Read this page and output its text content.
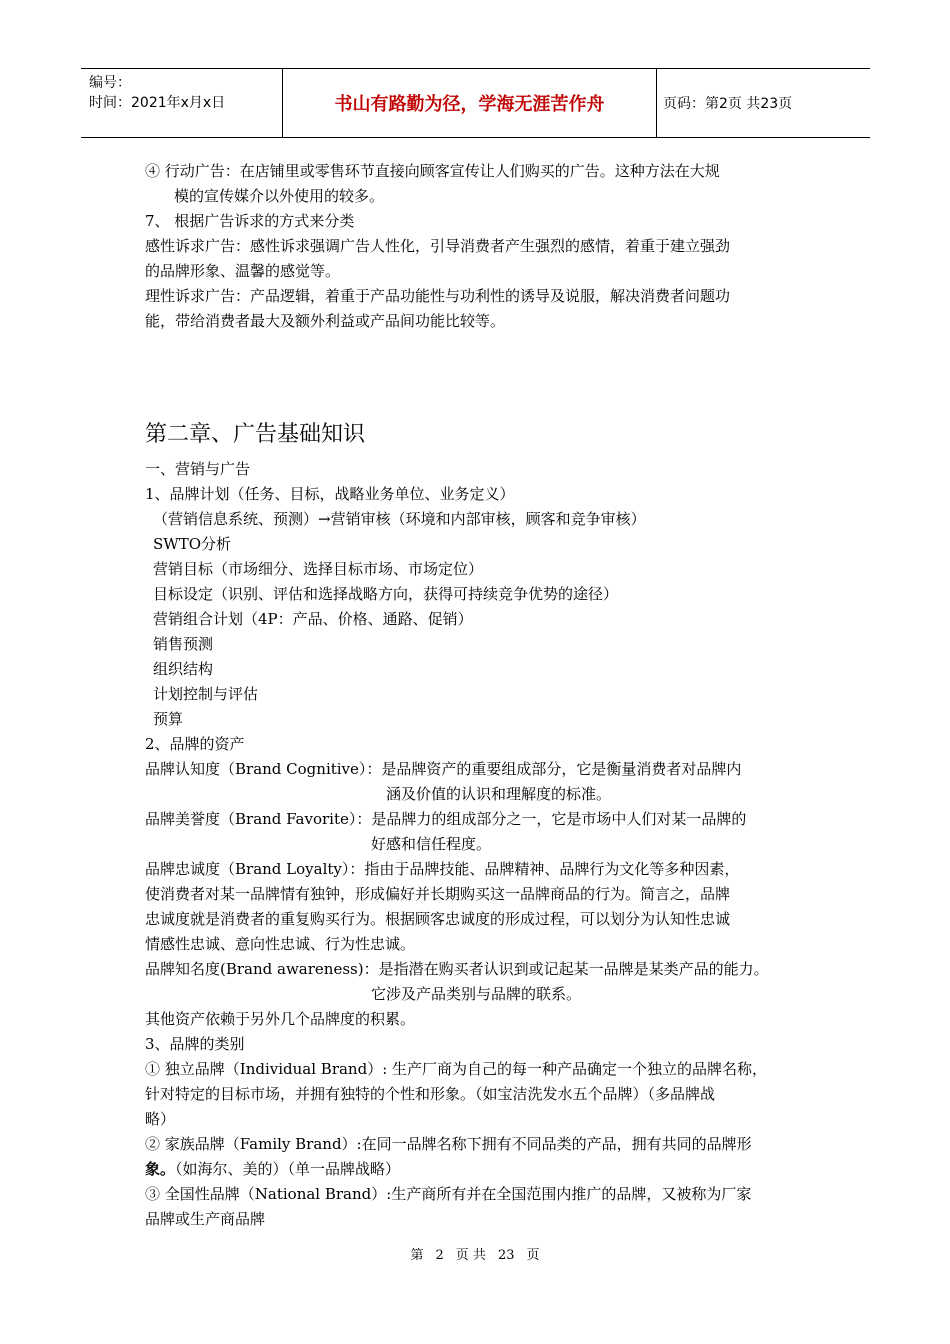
编号：
时间：2021年x月x日	书山有路勤为径，学海无涯苦作舟	页码：第2页 共23页
④ 行动广告：在店铺里或零售环节直接向顾客宣传让人们购买的广告。这种方法在大规
模的宣传媒介以外使用的较多。
7、 根据广告诉求的方式来分类
感性诉求广告：感性诉求强调广告人性化，引导消费者产生强烈的感情，着重于建立强劲
的品牌形象、温馨的感觉等。
理性诉求广告：产品逻辑，着重于产品功能性与功利性的诱导及说服，解决消费者问题功
能，带给消费者最大及额外利益或产品间功能比较等。
第二章、广告基础知识
一、营销与广告
1、品牌计划（任务、目标，战略业务单位、业务定义）
（营销信息系统、预测）→营销审核（环境和内部审核，顾客和竞争审核）
SWTO分析
营销目标（市场细分、选择目标市场、市场定位）
目标设定（识别、评估和选择战略方向，获得可持续竞争优势的途径）
营销组合计划（4P：产品、价格、通路、促销）
销售预测
组织结构
计划控制与评估
预算
2、品牌的资产
品牌认知度（Brand Cognitive）：是品牌资产的重要组成部分，它是衡量消费者对品牌内
涵及价值的认识和理解度的标准。
品牌美誉度（Brand Favorite）：是品牌力的组成部分之一，它是市场中人们对某一品牌的
好感和信任程度。
品牌忠诚度（Brand Loyalty）：指由于品牌技能、品牌精神、品牌行为文化等多种因素，
使消费者对某一品牌情有独钟，形成偏好并长期购买这一品牌商品的行为。简言之，品牌
忠诚度就是消费者的重复购买行为。根据顾客忠诚度的形成过程，可以划分为认知性忠诚
情感性忠诚、意向性忠诚、行为性忠诚。
品牌知名度(Brand awareness)：是指潜在购买者认识到或记起某一品牌是某类产品的能力。
它涉及产品类别与品牌的联系。
其他资产依赖于另外几个品牌度的积累。
3、品牌的类别
① 独立品牌（Individual Brand）: 生产厂商为自己的每一种产品确定一个独立的品牌名称，
针对特定的目标市场，并拥有独特的个性和形象。（如宝洁洗发水五个品牌）（多品牌战
略）
② 家族品牌（Family Brand）:在同一品牌名称下拥有不同品类的产品，拥有共同的品牌形
象。（如海尔、美的）（单一品牌战略）
③ 全国性品牌（National Brand）:生产商所有并在全国范围内推广的品牌，又被称为厂家
品牌或生产商品牌
第 2 页 共 23 页
